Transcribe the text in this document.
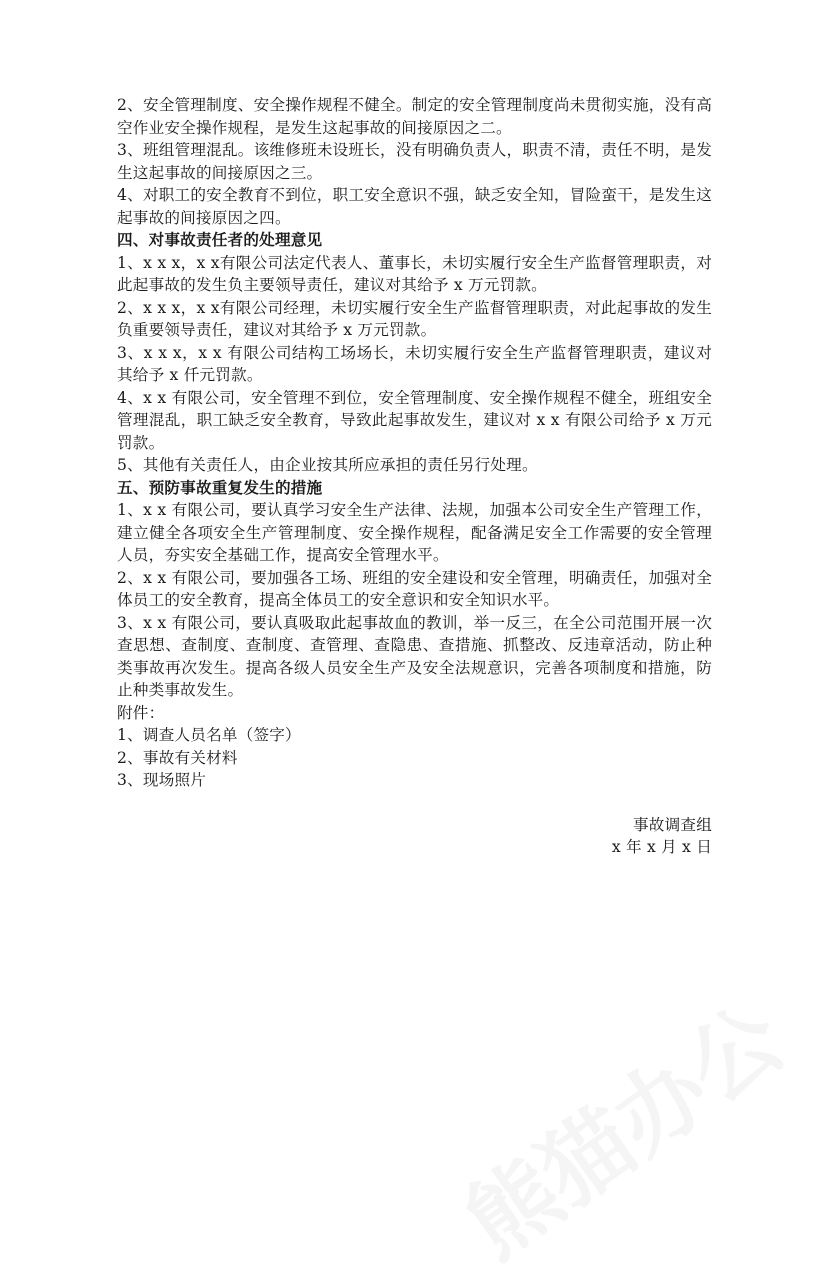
2、安全管理制度、安全操作规程不健全。制定的安全管理制度尚未贯彻实施，没有高空作业安全操作规程，是发生这起事故的间接原因之二。

3、班组管理混乱。该维修班未设班长，没有明确负责人，职责不清，责任不明，是发生这起事故的间接原因之三。

4、对职工的安全教育不到位，职工安全意识不强，缺乏安全知，冒险蛮干，是发生这起事故的间接原因之四。

四、对事故责任者的处理意见

1、x x x，x x有限公司法定代表人、董事长，未切实履行安全生产监督管理职责，对此起事故的发生负主要领导责任，建议对其给予 x 万元罚款。

2、x x x，x x有限公司经理，未切实履行安全生产监督管理职责，对此起事故的发生负重要领导责任，建议对其给予 x 万元罚款。

3、x x x，x x 有限公司结构工场场长，未切实履行安全生产监督管理职责，建议对其给予 x 仟元罚款。

4、x x 有限公司，安全管理不到位，安全管理制度、安全操作规程不健全，班组安全管理混乱，职工缺乏安全教育，导致此起事故发生，建议对 x x 有限公司给予 x 万元罚款。

5、其他有关责任人，由企业按其所应承担的责任另行处理。

五、预防事故重复发生的措施

1、x x 有限公司，要认真学习安全生产法律、法规，加强本公司安全生产管理工作，建立健全各项安全生产管理制度、安全操作规程，配备满足安全工作需要的安全管理人员，夯实安全基础工作，提高安全管理水平。

2、x x 有限公司，要加强各工场、班组的安全建设和安全管理，明确责任，加强对全体员工的安全教育，提高全体员工的安全意识和安全知识水平。

3、x x 有限公司，要认真吸取此起事故血的教训，举一反三，在全公司范围开展一次查思想、查制度、查制度、查管理、查隐患、查措施、抓整改、反违章活动，防止种类事故再次发生。提高各级人员安全生产及安全法规意识，完善各项制度和措施，防止种类事故发生。

附件：

1、调查人员名单（签字）

2、事故有关材料

3、现场照片

事故调查组

x 年 x 月 x 日
